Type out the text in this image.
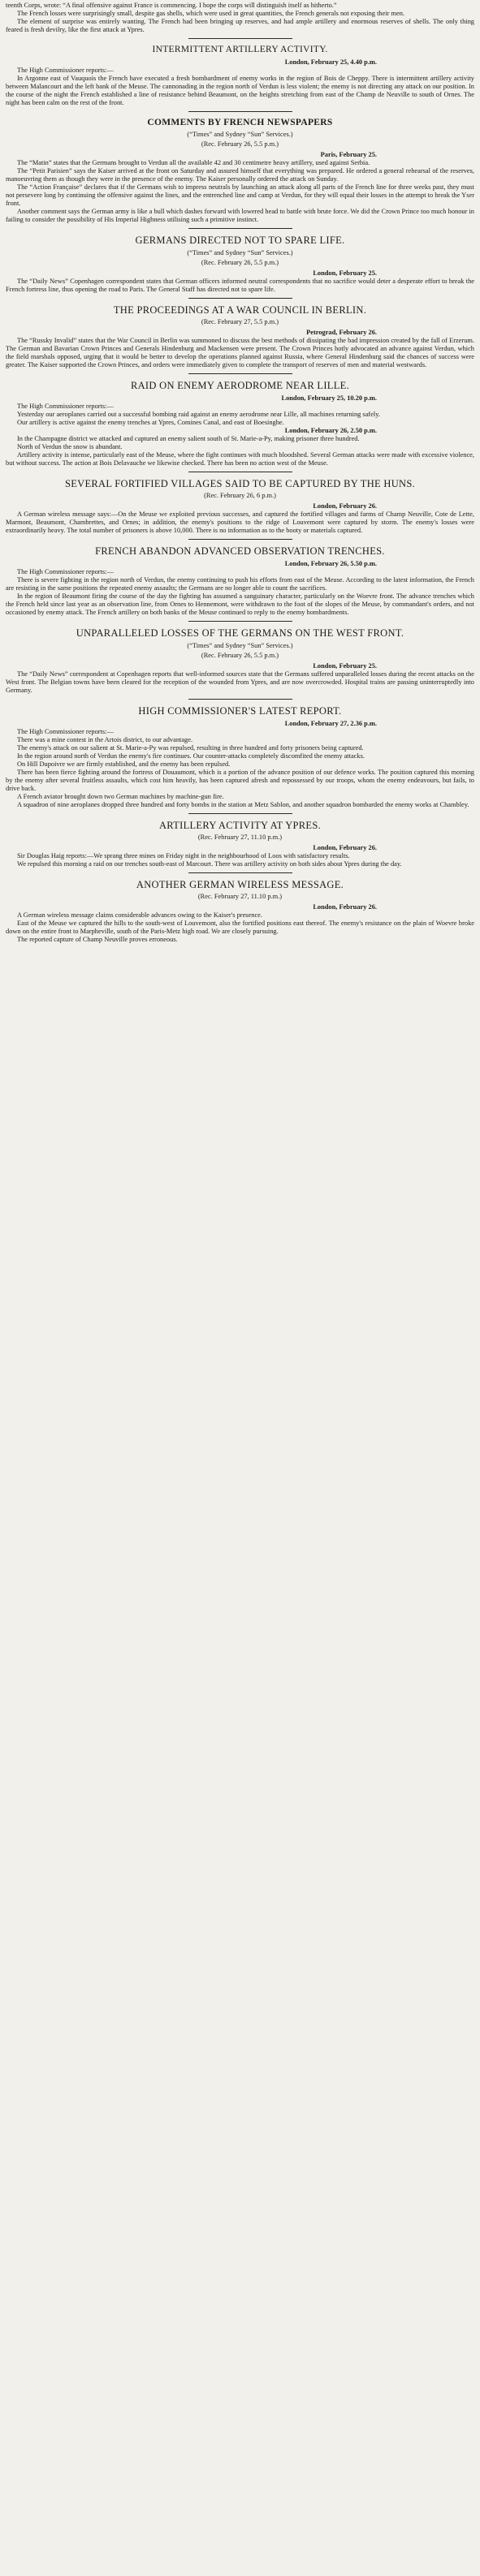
teenth Corps, wrote: “A final offensive against France is commencing. I hope the corps will distinguish itself as hitherto.”

The French losses were surprisingly small, despite gas shells, which were used in great quantities, the French generals not exposing their men.

The element of surprise was entirely wanting. The French had been bringing up reserves, and had ample artillery and enormous reserves of shells. The only thing feared is fresh devilry, like the first attack at Ypres.

INTERMITTENT ARTILLERY ACTIVITY.

London, February 25, 4.40 p.m.

The High Commissioner reports:—

In Argonne east of Vauquois the French have executed a fresh bombardment of enemy works in the region of Bois de Cheppy. There is intermittent artillery activity between Malancourt and the left bank of the Meuse. The cannonading in the region north of Verdun is less violent; the enemy is not directing any attack on our position. In the course of the night the French established a line of resistance behind Beaumont, on the heights stretching from east of the Champ de Neuville to south of Ornes. The night has been calm on the rest of the front.

COMMENTS BY FRENCH NEWSPAPERS

(“Times” and Sydney “Sun” Services.)

(Rec. February 26, 5.5 p.m.)

Paris, February 25.

The “Matin” states that the Germans brought to Verdun all the available 42 and 30 centimetre heavy artillery, used against Serbia.

The “Petit Parisien” says the Kaiser arrived at the front on Saturday and assured himself that everything was prepared. He ordered a general rehearsal of the reserves, manoeuvring them as though they were in the presence of the enemy. The Kaiser personally ordered the attack on Sunday.

The “Action Française” declares that if the Germans wish to impress neutrals by launching an attack along all parts of the French line for three weeks past, they must not persevere long by continuing the offensive against the lines, and the entrenched line and camp at Verdun, for they will equal their losses in the attempt to break the Yser front.

Another comment says the German army is like a bull which dashes forward with lowered head to battle with brute force. We did the Crown Prince too much honour in failing to consider the possibility of His Imperial Highness utilising such a primitive instinct.

GERMANS DIRECTED NOT TO SPARE LIFE.

(“Times” and Sydney “Sun” Services.)

(Rec. February 26, 5.5 p.m.)

London, February 25.

The “Daily News” Copenhagen correspondent states that German officers informed neutral correspondents that no sacrifice would deter a desperate effort to break the French fortress line, thus opening the road to Paris. The General Staff has directed not to spare life.

THE PROCEEDINGS AT A WAR COUNCIL IN BERLIN.

(Rec. February 27, 5.5 p.m.)

Petrograd, February 26.

The “Russky Invalid” states that the War Council in Berlin was summoned to discuss the best methods of dissipating the bad impression created by the fall of Erzerum. The German and Bavarian Crown Princes and Generals Hindenburg and Mackensen were present. The Crown Princes hotly advocated an advance against Verdun, which the field marshals opposed, urging that it would be better to develop the operations planned against Russia, where General Hindenburg said the chances of success were greater. The Kaiser supported the Crown Princes, and orders were immediately given to complete the transport of reserves of men and material westwards.

RAID ON ENEMY AERODROME NEAR LILLE.

London, February 25, 10.20 p.m.

The High Commissioner reports:—

Yesterday our aeroplanes carried out a successful bombing raid against an enemy aerodrome near Lille, all machines returning safely.

Our artillery is active against the enemy trenches at Ypres, Comines Canal, and east of Boesinghe.

London, February 26, 2.50 p.m.

In the Champagne district we attacked and captured an enemy salient south of St. Marie-a-Py, making prisoner three hundred.

North of Verdun the snow is abundant.

Artillery activity is intense, particularly east of the Meuse, where the fight continues with much bloodshed. Several German attacks were made with excessive violence, but without success. The action at Bois Delavauche we likewise checked. There has been no action west of the Meuse.

SEVERAL FORTIFIED VILLAGES SAID TO BE CAPTURED BY THE HUNS.

(Rec. February 26, 6 p.m.)

London, February 26.

A German wireless message says:—On the Meuse we exploited previous successes, and captured the fortified villages and farms of Champ Neuville, Cote de Lette, Marmont, Beaumont, Chambrettes, and Ornes; in addition, the enemy's positions to the ridge of Louvemont were captured by storm. The enemy's losses were extraordinarily heavy. The total number of prisoners is above 10,000. There is no information as to the booty or materials captured.

FRENCH ABANDON ADVANCED OBSERVATION TRENCHES.

London, February 26, 5.50 p.m.

The High Commissioner reports:—

There is severe fighting in the region north of Verdun, the enemy continuing to push his efforts from east of the Meuse. According to the latest information, the French are resisting in the same positions the repeated enemy assaults; the Germans are no longer able to count the sacrifices.

In the region of Beaumont firing the course of the day the fighting has assumed a sanguinary character, particularly on the Woevre front. The advance trenches which the French held since last year as an observation line, from Ornes to Hennemont, were withdrawn to the foot of the slopes of the Meuse, by commandant's orders, and not occasioned by enemy attack. The French artillery on both banks of the Meuse continued to reply to the enemy bombardments.

UNPARALLELED LOSSES OF THE GERMANS ON THE WEST FRONT.

(“Times” and Sydney “Sun” Services.)

(Rec. February 26, 5.5 p.m.)

London, February 25.

The “Daily News” correspondent at Copenhagen reports that well-informed sources state that the Germans suffered unparalleled losses during the recent attacks on the West front. The Belgian towns have been cleared for the reception of the wounded from Ypres, and are now overcrowded. Hospital trains are passing uninterruptedly into Germany.

HIGH COMMISSIONER'S LATEST REPORT.

London, February 27, 2.36 p.m.

The High Commissioner reports:—

There was a mine contest in the Artois district, to our advantage.

The enemy's attack on our salient at St. Marie-a-Py was repulsed, resulting in three hundred and forty prisoners being captured.

In the region around north of Verdun the enemy's fire continues. Our counter-attacks completely discomfited the enemy attacks.

On Hill Dupoivre we are firmly established, and the enemy has been repulsed.

There has been fierce fighting around the fortress of Douaumont, which is a portion of the advance position of our defence works. The position captured this morning by the enemy after several fruitless assaults, which cost him heavily, has been captured afresh and repossessed by our troops, whom the enemy endeavours, but fails, to drive back.

A French aviator brought down two German machines by machine-gun fire.

A squadron of nine aeroplanes dropped three hundred and forty bombs in the station at Metz Sablon, and another squadron bombarded the enemy works at Chambley.

ARTILLERY ACTIVITY AT YPRES.

(Rec. February 27, 11.10 p.m.)

London, February 26.

Sir Douglas Haig reports:—We sprang three mines on Friday night in the neighbourhood of Loos with satisfactory results.

We repulsed this morning a raid on our trenches south-east of Marcourt. There was artillery activity on both sides about Ypres during the day.

ANOTHER GERMAN WIRELESS MESSAGE.

(Rec. February 27, 11.10 p.m.)

London, February 26.

A German wireless message claims considerable advances owing to the Kaiser's presence.

East of the Meuse we captured the hills to the south-west of Louvemont, also the fortified positions east thereof. The enemy's resistance on the plain of Woevre broke down on the entire front to Marpheville, south of the Paris-Metz high road. We are closely pursuing.

The reported capture of Champ Neuville proves erroneous.
